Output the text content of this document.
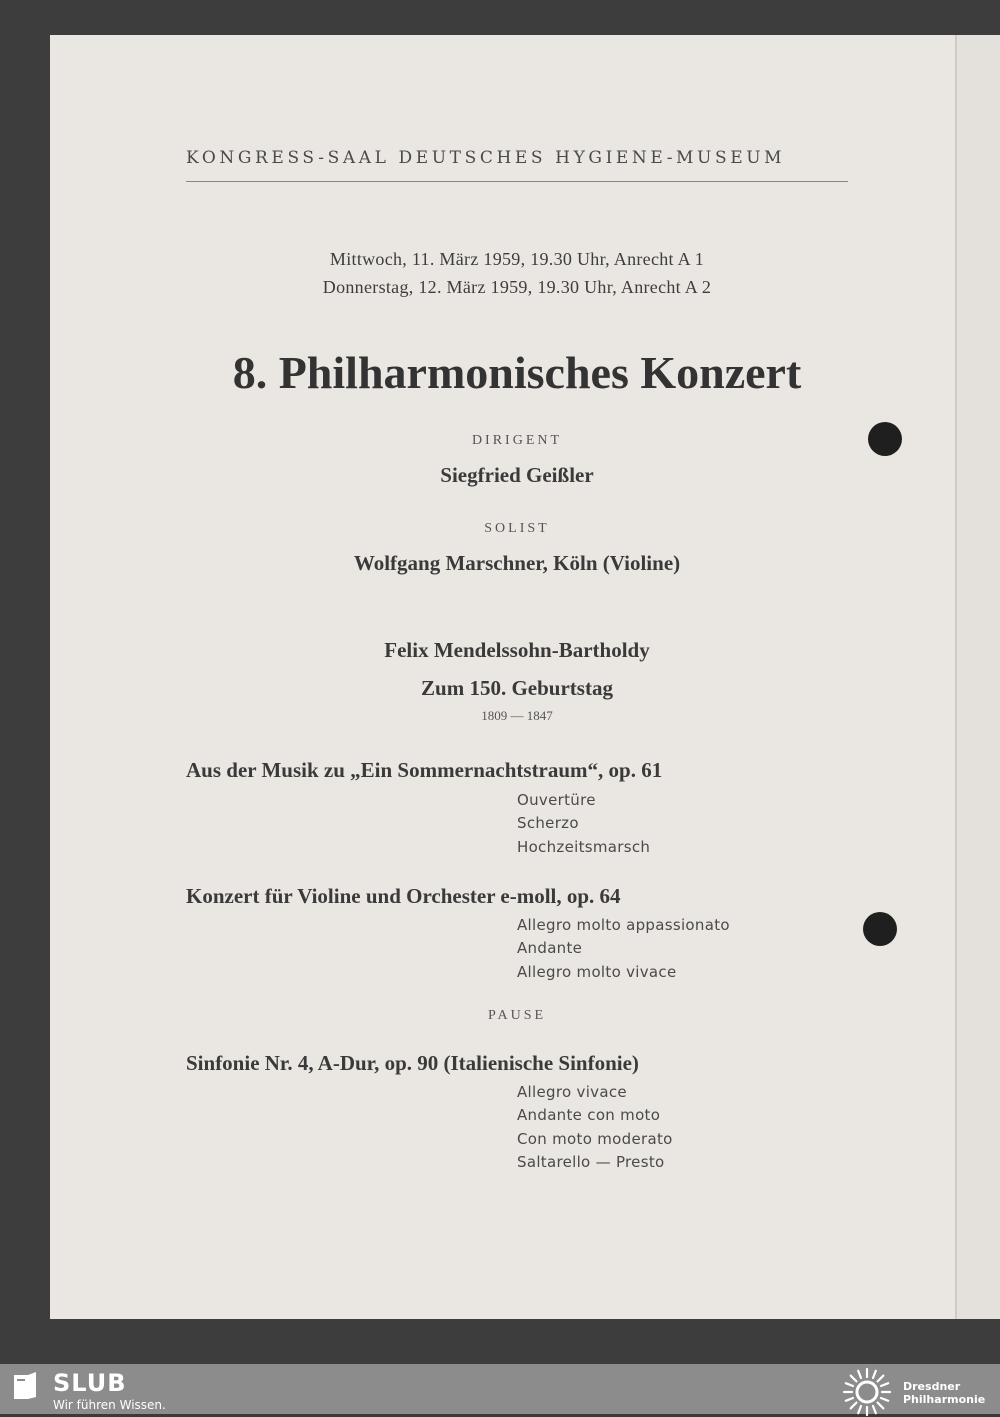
KONGRESS-SAAL DEUTSCHES HYGIENE-MUSEUM
Mittwoch, 11. März 1959, 19.30 Uhr, Anrecht A 1
Donnerstag, 12. März 1959, 19.30 Uhr, Anrecht A 2
8. Philharmonisches Konzert
DIRIGENT
Siegfried Geißler
SOLIST
Wolfgang Marschner, Köln (Violine)
Felix Mendelssohn-Bartholdy
Zum 150. Geburtstag
1809 — 1847
Aus der Musik zu „Ein Sommernachtstraum“, op. 61
Ouvertüre
Scherzo
Hochzeitsmarsch
Konzert für Violine und Orchester e-moll, op. 64
Allegro molto appassionato
Andante
Allegro molto vivace
PAUSE
Sinfonie Nr. 4, A-Dur, op. 90 (Italienische Sinfonie)
Allegro vivace
Andante con moto
Con moto moderato
Saltarello — Presto
SLUB
Wir führen Wissen.
Dresdner
Philharmonie
